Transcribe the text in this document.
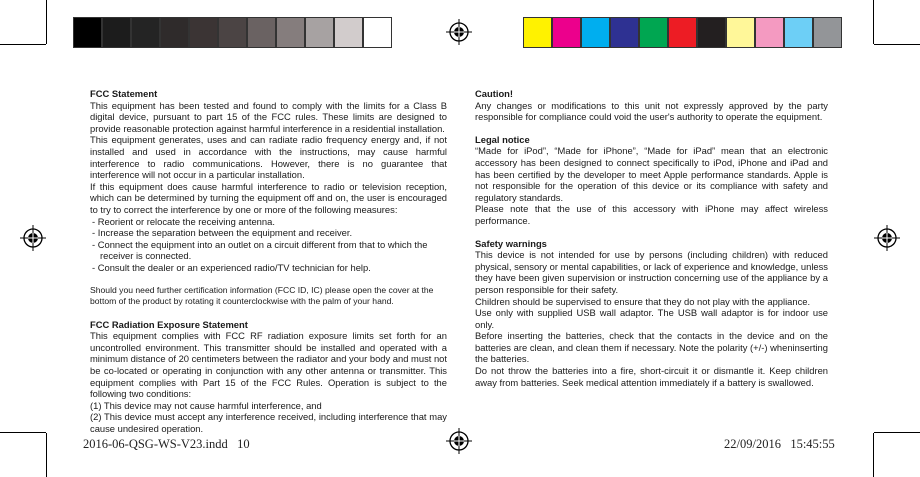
FCC Statement

This equipment has been tested and found to comply with the limits for a Class B digital device, pursuant to part 15 of the FCC rules. These limits are designed to provide reasonable protection against harmful interference in a residential installation.

This equipment generates, uses and can radiate radio frequency energy and, if not installed and used in accordance with the instructions, may cause harmful interference to radio communications. However, there is no guarantee that interference will not occur in a particular installation.

If this equipment does cause harmful interference to radio or television reception, which can be determined by turning the equipment off and on, the user is encouraged to try to correct the interference by one or more of the following measures:

- Reorient or relocate the receiving antenna.

- Increase the separation between the equipment and receiver.

- Connect the equipment into an outlet on a circuit different from that to which the receiver is connected.

- Consult the dealer or an experienced radio/TV technician for help.

Should you need further certification information (FCC ID, IC) please open the cover at the bottom of the product by rotating it counterclockwise with the palm of your hand.

FCC Radiation Exposure Statement

This equipment complies with FCC RF radiation exposure limits set forth for an uncontrolled environment. This transmitter should be installed and operated with a minimum distance of 20 centimeters between the radiator and your body and must not be co-located or operating in conjunction with any other antenna or transmitter. This equipment complies with Part 15 of the FCC Rules. Operation is subject to the following two conditions:

(1) This device may not cause harmful interference, and

(2) This device must accept any interference received, including interference that may cause undesired operation.

Caution!

Any changes or modifications to this unit not expressly approved by the party responsible for compliance could void the user's authority to operate the equipment.

Legal notice

“Made for iPod”, “Made for iPhone”, “Made for iPad” mean that an electronic accessory has been designed to connect specifically to iPod, iPhone and iPad and has been certified by the developer to meet Apple performance standards. Apple is not responsible for the operation of this device or its compliance with safety and regulatory standards.

Please note that the use of this accessory with iPhone may affect wireless performance.

Safety warnings

This device is not intended for use by persons (including children) with reduced physical, sensory or mental capabilities, or lack of experience and knowledge, unless they have been given supervision or instruction concerning use of the appliance by a person responsible for their safety.

Children should be supervised to ensure that they do not play with the appliance.

Use only with supplied USB wall adaptor. The USB wall adaptor is for indoor use only.

Before inserting the batteries, check that the contacts in the device and on the batteries are clean, and clean them if necessary. Note the polarity (+/-) wheninserting the batteries.

Do not throw the batteries into a fire, short-circuit it or dismantle it. Keep children away from batteries. Seek medical attention immediately if a battery is swallowed.

2016-06-QSG-WS-V23.indd   10	22/09/2016   15:45:55
